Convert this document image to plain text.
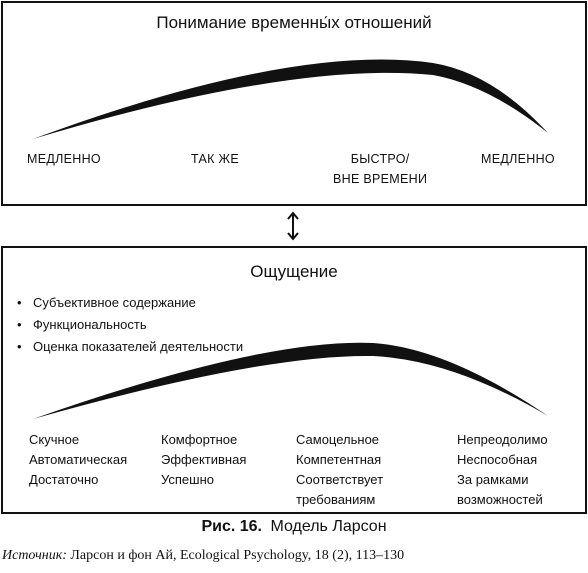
Понимание временны́х отношений
МЕДЛЕННО	ТАК ЖЕ	БЫСТРО/
ВНЕ ВРЕМЕНИ
МЕДЛЕННО
Ощущение
• Субъективное содержание
• Функциональность
• Оценка показателей деятельности
Скучное
Автоматическая
Достаточно
Комфортное
Эффективная
Успешно
Самоцельное
Компетентная
Соответствует
требованиям
Непреодолимо
Неспособная
За рамками
возможностей
Рис. 16. Модель Ларсон
Источник: Ларсон и фон Ай, Ecological Psychology, 18 (2), 113–130
